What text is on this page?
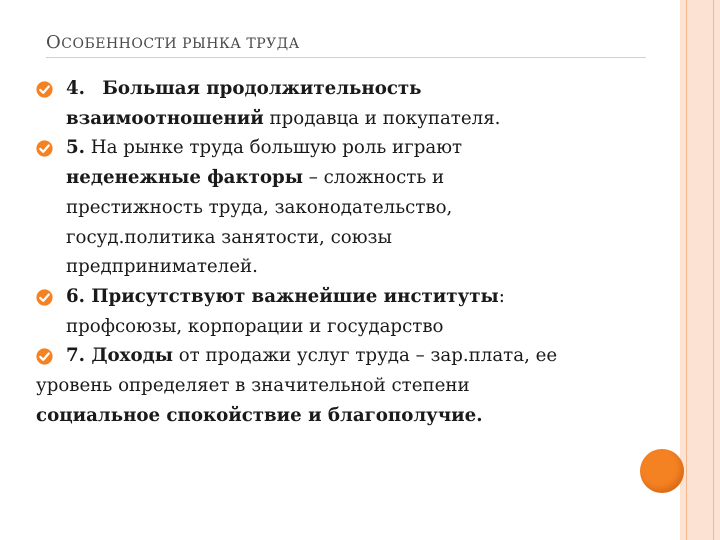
ОСОБЕННОСТИ РЫНКА ТРУДА
4. Большая продолжительность
взаимоотношений продавца и покупателя.
5. На рынке труда большую роль играют
неденежные факторы – сложность и
престижность труда, законодательство,
госуд.политика занятости, союзы
предпринимателей.
6. Присутствуют важнейшие институты:
профсоюзы, корпорации и государство
7. Доходы от продажи услуг труда – зар.плата, ее
уровень определяет в значительной степени
социальное спокойствие и благополучие.
